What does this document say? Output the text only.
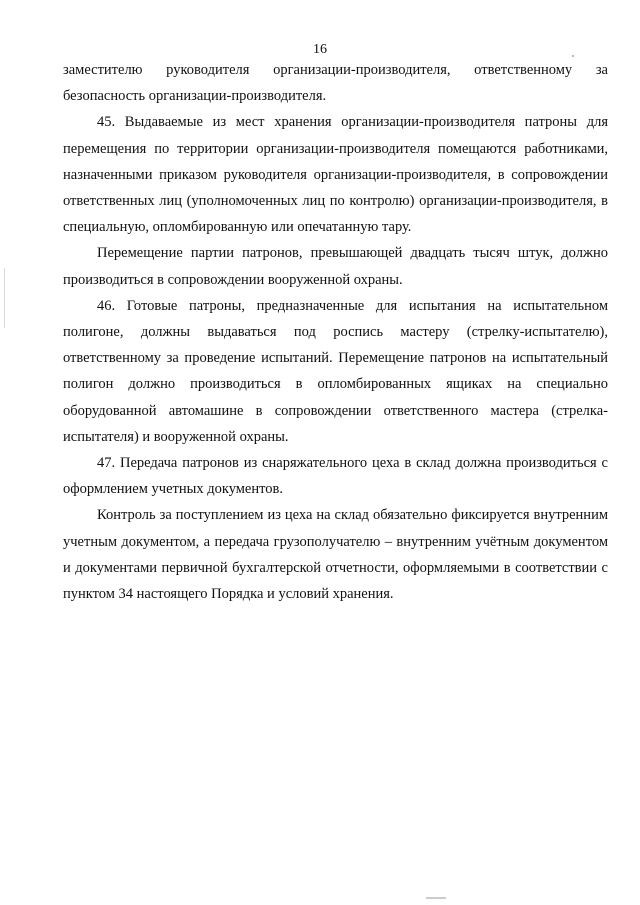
16

заместителю руководителя организации-производителя, ответственному за безопасность организации-производителя.

45. Выдаваемые из мест хранения организации-производителя патроны для перемещения по территории организации-производителя помещаются работниками, назначенными приказом руководителя организации-производителя, в сопровождении ответственных лиц (уполномоченных лиц по контролю) организации-производителя, в специальную, опломбированную или опечатанную тару.

Перемещение партии патронов, превышающей двадцать тысяч штук, должно производиться в сопровождении вооруженной охраны.

46. Готовые патроны, предназначенные для испытания на испытательном полигоне, должны выдаваться под роспись мастеру (стрелку-испытателю), ответственному за проведение испытаний. Перемещение патронов на испытательный полигон должно производиться в опломбированных ящиках на специально оборудованной автомашине в сопровождении ответственного мастера (стрелка-испытателя) и вооруженной охраны.

47. Передача патронов из снаряжательного цеха в склад должна производиться с оформлением учетных документов.

Контроль за поступлением из цеха на склад обязательно фиксируется внутренним учетным документом, а передача грузополучателю – внутренним учётным документом и документами первичной бухгалтерской отчетности, оформляемыми в соответствии с пунктом 34 настоящего Порядка и условий хранения.
